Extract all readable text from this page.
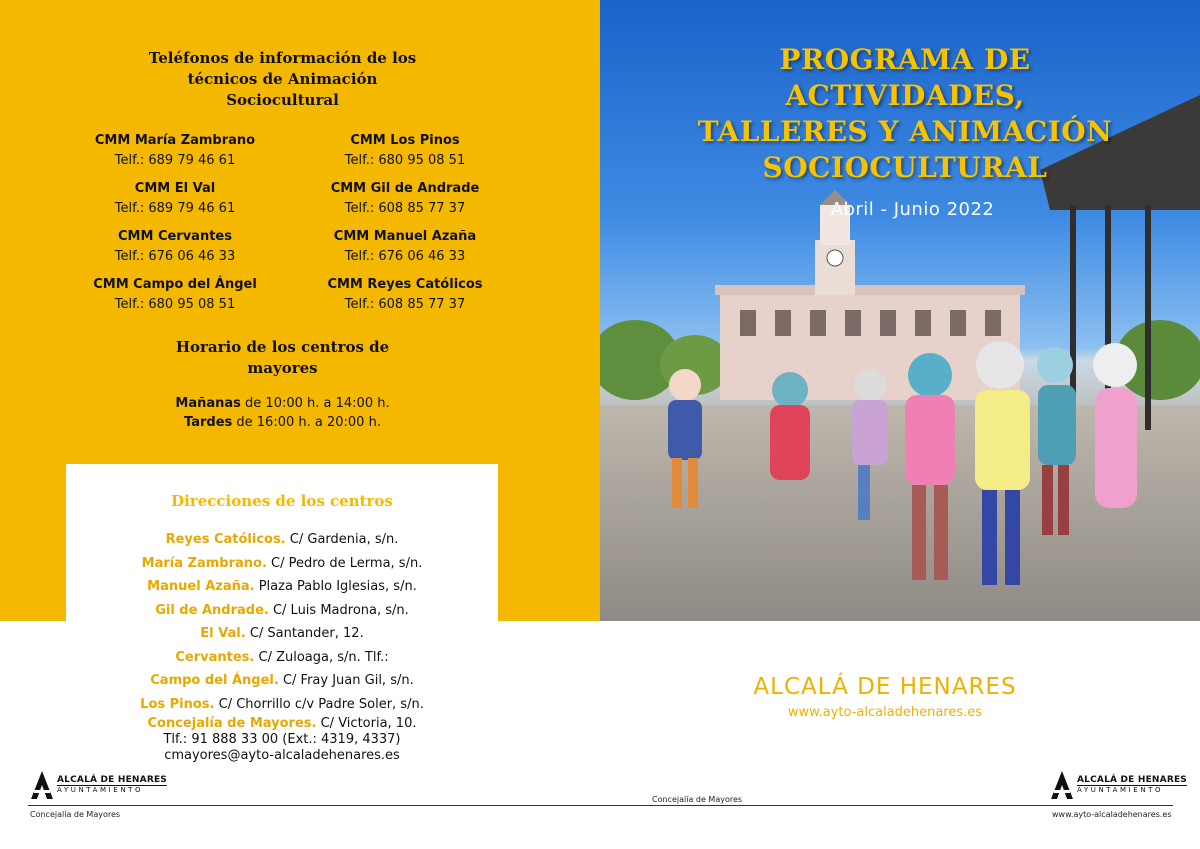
Teléfonos de información de los técnicos de Animación Sociocultural
CMM María Zambrano
Telf.: 689 79 46 61
CMM Los Pinos
Telf.: 680 95 08 51
CMM El Val
Telf.: 689 79 46 61
CMM Gil de Andrade
Telf.: 608 85 77 37
CMM Cervantes
Telf.: 676 06 46 33
CMM Manuel Azaña
Telf.: 676 06 46 33
CMM Campo del Ángel
Telf.: 680 95 08 51
CMM Reyes Católicos
Telf.: 608 85 77 37
Horario de los centros de mayores
Mañanas de 10:00 h. a 14:00 h.
Tardes de 16:00 h. a 20:00 h.
Direcciones de los centros
Reyes Católicos. C/ Gardenia, s/n.
María Zambrano. C/ Pedro de Lerma, s/n.
Manuel Azaña. Plaza Pablo Iglesias, s/n.
Gil de Andrade. C/ Luis Madrona, s/n.
El Val. C/ Santander, 12.
Cervantes. C/ Zuloaga, s/n. Tlf.:
Campo del Ángel. C/ Fray Juan Gil, s/n.
Los Pinos. C/ Chorrillo c/v Padre Soler, s/n.
Concejalía de Mayores. C/ Victoria, 10.
Tlf.: 91 888 33 00 (Ext.: 4319, 4337)
cmayores@ayto-alcaladehenares.es
PROGRAMA DE
ACTIVIDADES,
TALLERES Y ANIMACIÓN
SOCIOCULTURAL
Abril - Junio 2022
ALCALÁ DE HENARES
www.ayto-alcaladehenares.es
ALCALÁ DE HENARES
AYUNTAMIENTO
Concejalía de Mayores
Concejalía de Mayores
ALCALÁ DE HENARES
AYUNTAMIENTO
www.ayto-alcaladehenares.es
